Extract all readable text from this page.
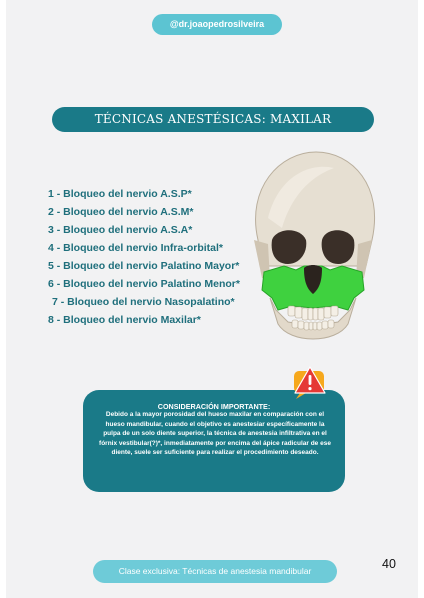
@dr.joaopedrosilveira
TÉCNICAS ANESTÉSICAS: MAXILAR
1 - Bloqueo del nervio A.S.P*
2 - Bloqueo del nervio A.S.M*
3 - Bloqueo del nervio A.S.A*
4 - Bloqueo del nervio Infra-orbital*
5 - Bloqueo del nervio Palatino Mayor*
6 - Bloqueo del nervio Palatino Menor*
7 - Bloqueo del nervio Nasopalatino*
8 - Bloqueo del nervio Maxilar*
CONSIDERACIÓN IMPORTANTE:

Debido a la mayor porosidad del hueso maxilar en comparación con el hueso mandibular, cuando el objetivo es anestesiar específicamente la pulpa de un solo diente superior, la técnica de anestesia infiltrativa en el fórnix vestibular(?)*, inmediatamente por encima del ápice radicular de ese diente, suele ser suficiente para realizar el procedimiento deseado.

Clase exclusiva: Técnicas de anestesia mandibular	40
